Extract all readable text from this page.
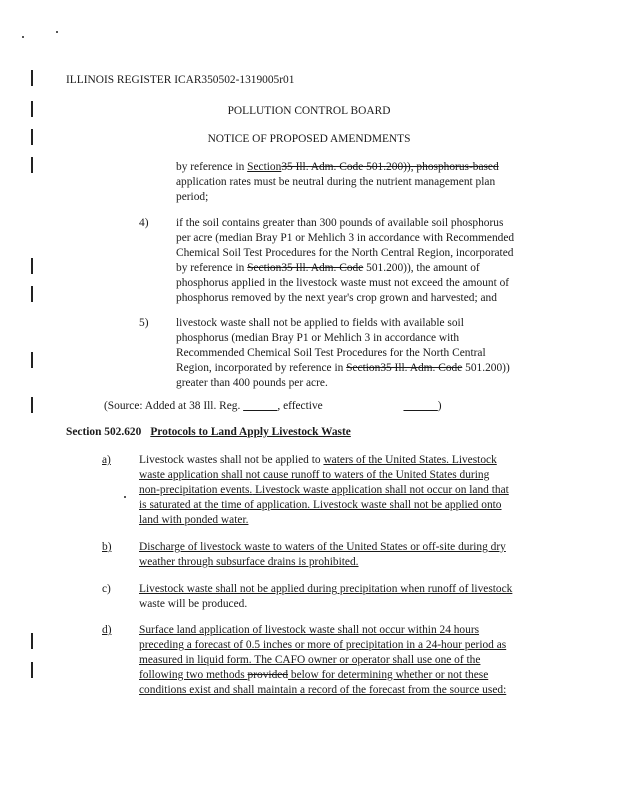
ILLINOIS REGISTER ICAR350502-1319005r01
POLLUTION CONTROL BOARD
NOTICE OF PROPOSED AMENDMENTS
by reference in Section35 Ill. Adm. Code 501.200)), phosphorus-based
application rates must be neutral during the nutrient management plan
period;
4) if the soil contains greater than 300 pounds of available soil phosphorus
per acre (median Bray P1 or Mehlich 3 in accordance with Recommended
Chemical Soil Test Procedures for the North Central Region, incorporated
by reference in Section35 Ill. Adm. Code 501.200)), the amount of
phosphorus applied in the livestock waste must not exceed the amount of
phosphorus removed by the next year's crop grown and harvested; and
5) livestock waste shall not be applied to fields with available soil
phosphorus (median Bray P1 or Mehlich 3 in accordance with
Recommended Chemical Soil Test Procedures for the North Central
Region, incorporated by reference in Section35 Ill. Adm. Code 501.200))
greater than 400 pounds per acre.
(Source: Added at 38 Ill. Reg. ______, effective	______)
Section 502.620 Protocols to Land Apply Livestock Waste
a) Livestock wastes shall not be applied to waters of the United States. Livestock
waste application shall not cause runoff to waters of the United States during
non-precipitation events. Livestock waste application shall not occur on land that
is saturated at the time of application. Livestock waste shall not be applied onto
land with ponded water.
b) Discharge of livestock waste to waters of the United States or off-site during dry
weather through subsurface drains is prohibited.
c) Livestock waste shall not be applied during precipitation when runoff of livestock
waste will be produced.
d) Surface land application of livestock waste shall not occur within 24 hours
preceding a forecast of 0.5 inches or more of precipitation in a 24-hour period as
measured in liquid form. The CAFO owner or operator shall use one of the
following two methods provided below for determining whether or not these
conditions exist and shall maintain a record of the forecast from the source used:
